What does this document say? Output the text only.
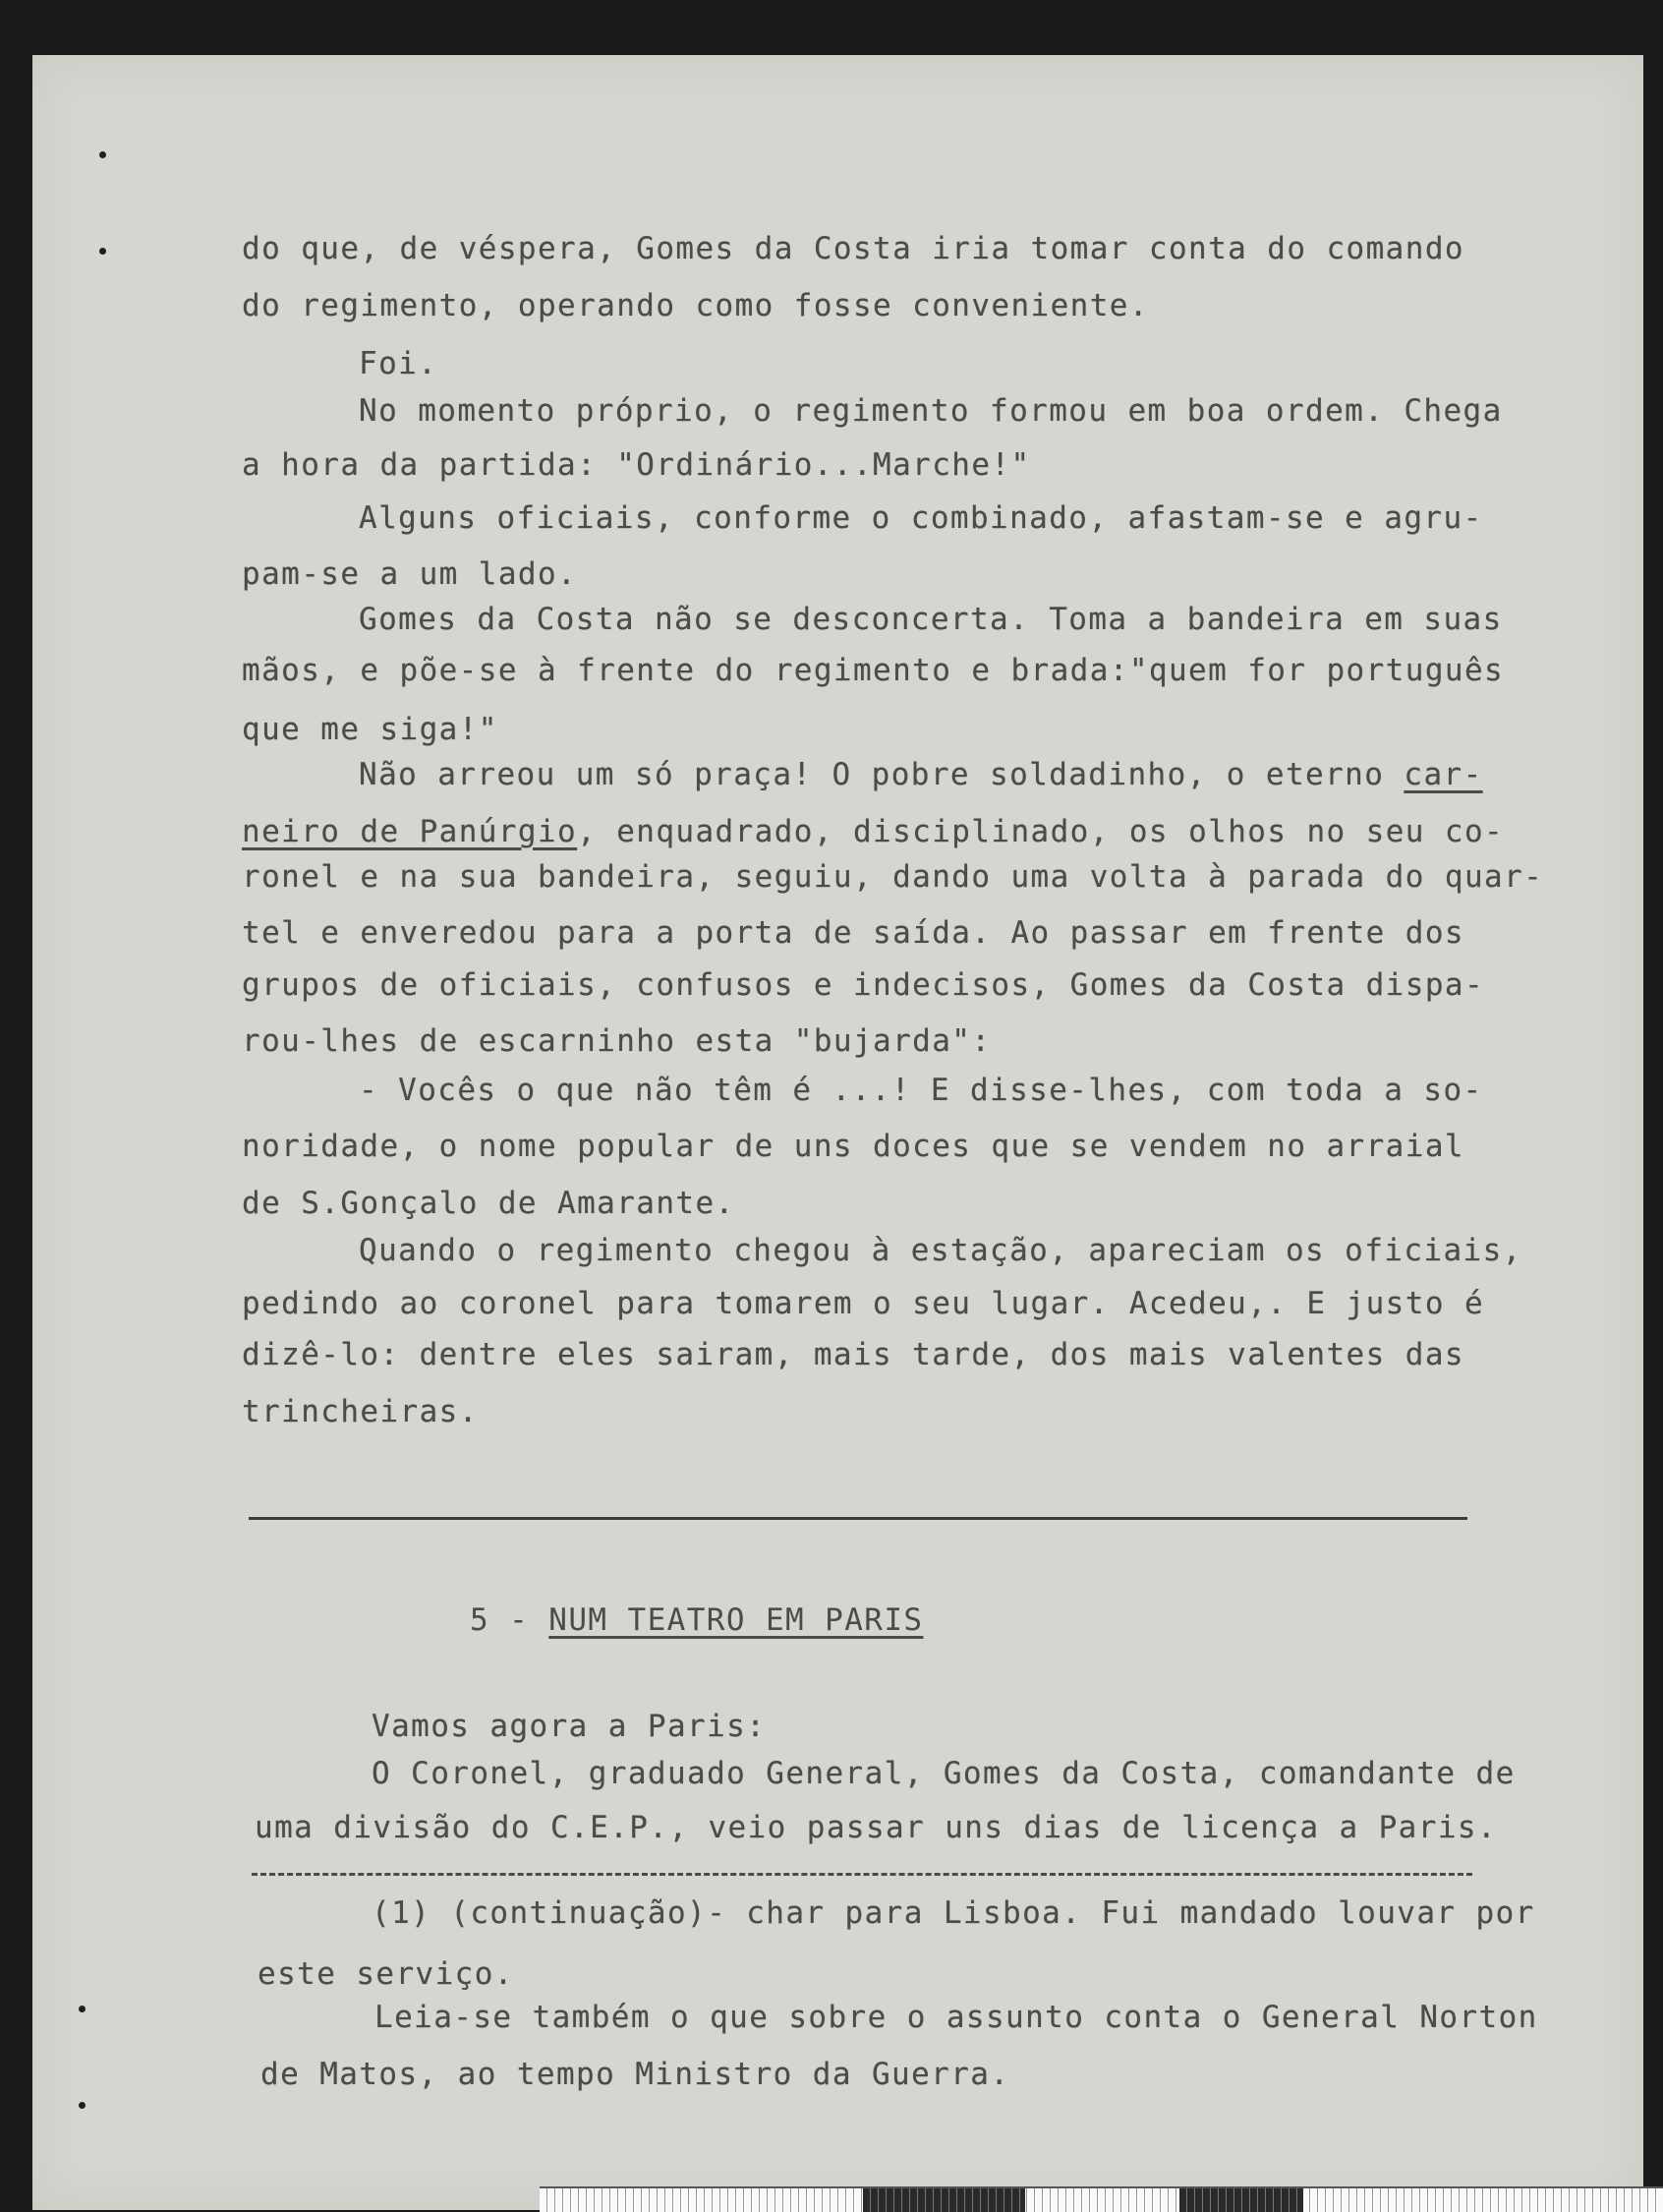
do que, de véspera, Gomes da Costa iria tomar conta do comando
do regimento, operando como fosse conveniente.
Foi.
No momento próprio, o regimento formou em boa ordem. Chega
a hora da partida: "Ordinário...Marche!"
Alguns oficiais, conforme o combinado, afastam-se e agru-
pam-se a um lado.
Gomes da Costa não se desconcerta. Toma a bandeira em suas
mãos, e põe-se à frente do regimento e brada:"quem for português
que me siga!"
Não arreou um só praça! O pobre soldadinho, o eterno car-
neiro de Panúrgio, enquadrado, disciplinado, os olhos no seu co-
ronel e na sua bandeira, seguiu, dando uma volta à parada do quar-
tel e enveredou para a porta de saída. Ao passar em frente dos
grupos de oficiais, confusos e indecisos, Gomes da Costa dispa-
rou-lhes de escarninho esta "bujarda":
- Vocês o que não têm é ...! E disse-lhes, com toda a so-
noridade, o nome popular de uns doces que se vendem no arraial
de S.Gonçalo de Amarante.
Quando o regimento chegou à estação, apareciam os oficiais,
pedindo ao coronel para tomarem o seu lugar. Acedeu,. E justo é
dizê-lo: dentre eles sairam, mais tarde, dos mais valentes das
trincheiras.
5 - NUM TEATRO EM PARIS
Vamos agora a Paris:
O Coronel, graduado General, Gomes da Costa, comandante de
uma divisão do C.E.P., veio passar uns dias de licença a Paris.
(1) (continuação)- char para Lisboa. Fui mandado louvar por
este serviço.
Leia-se também o que sobre o assunto conta o General Norton
de Matos, ao tempo Ministro da Guerra.
